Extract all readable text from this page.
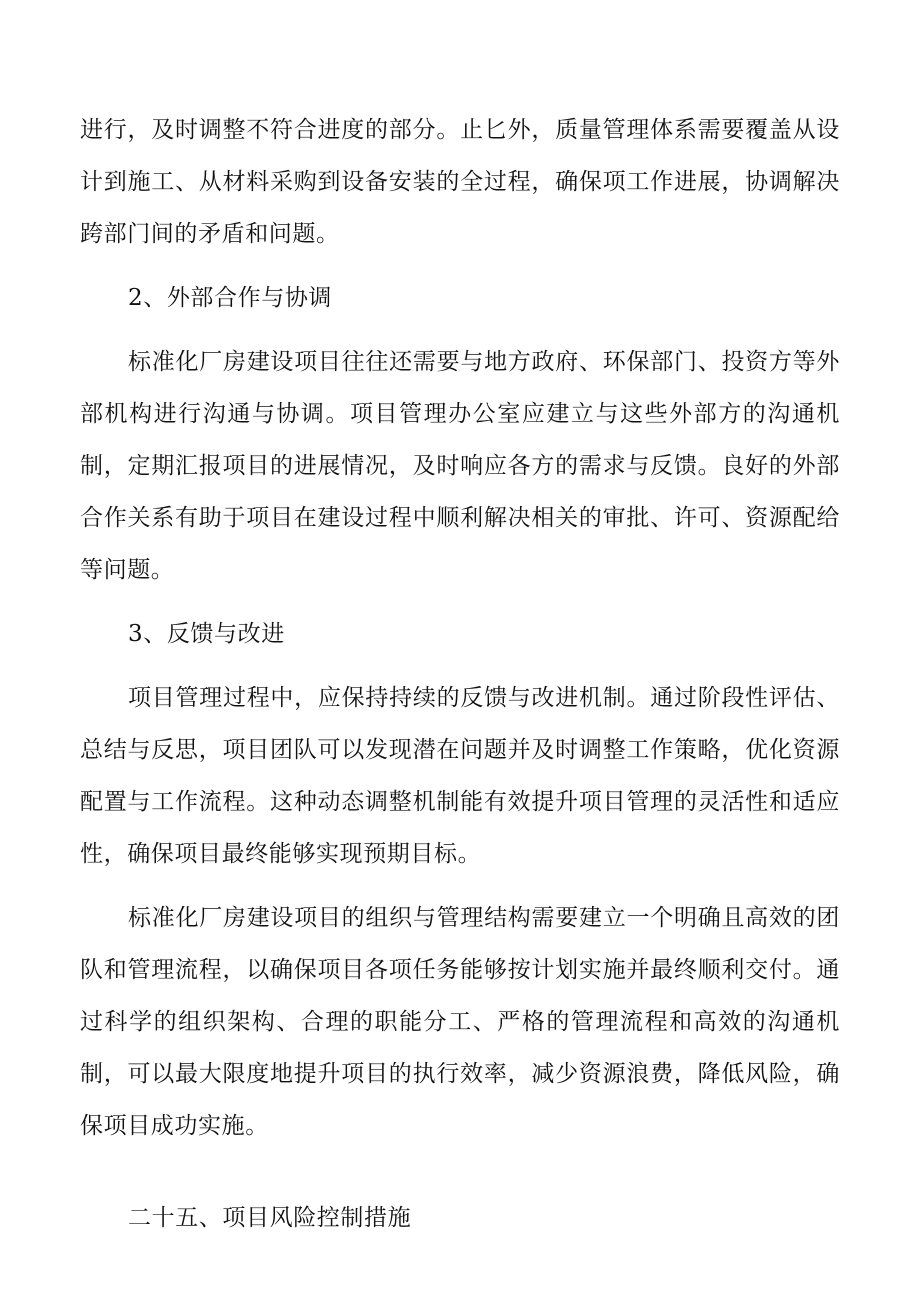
进行，及时调整不符合进度的部分。止匕外，质量管理体系需要覆盖从设计到施工、从材料采购到设备安装的全过程，确保项工作进展，协调解决跨部门间的矛盾和问题。

2、外部合作与协调

标准化厂房建设项目往往还需要与地方政府、环保部门、投资方等外部机构进行沟通与协调。项目管理办公室应建立与这些外部方的沟通机制，定期汇报项目的进展情况，及时响应各方的需求与反馈。良好的外部合作关系有助于项目在建设过程中顺利解决相关的审批、许可、资源配给等问题。

3、反馈与改进

项目管理过程中，应保持持续的反馈与改进机制。通过阶段性评估、总结与反思，项目团队可以发现潜在问题并及时调整工作策略，优化资源配置与工作流程。这种动态调整机制能有效提升项目管理的灵活性和适应性，确保项目最终能够实现预期目标。

标准化厂房建设项目的组织与管理结构需要建立一个明确且高效的团队和管理流程，以确保项目各项任务能够按计划实施并最终顺利交付。通过科学的组织架构、合理的职能分工、严格的管理流程和高效的沟通机制，可以最大限度地提升项目的执行效率，减少资源浪费，降低风险，确保项目成功实施。

二十五、项目风险控制措施
